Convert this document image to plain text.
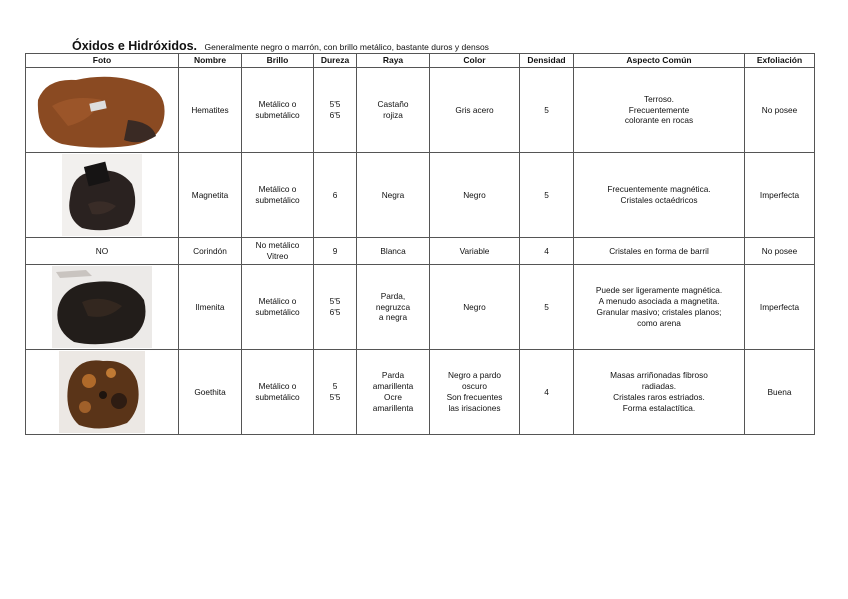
Óxidos e Hidróxidos. Generalmente negro o marrón, con brillo metálico, bastante duros y densos
Foto	Nombre	Brillo	Dureza	Raya	Color	Densidad	Aspecto Común	Exfoliación

	Hematites	Metálico o
submetálico	5'5
6'5	Castaño
rojiza	Gris acero	5	Terroso.
Frecuentemente
colorante en rocas	No posee

	Magnetita	Metálico o
submetálico	6	Negra	Negro	5	Frecuentemente magnética.
Cristales octaédricos	Imperfecta
NO	Corindón	No metálico
Vitreo	9	Blanca	Variable	4	Cristales en forma de barril	No posee

	Ilmenita	Metálico o
submetálico	5'5
6'5	Parda,
negruzca
a negra	Negro	5	Puede ser ligeramente magnética.
A menudo asociada a magnetita.
Granular masivo; cristales planos;
como arena	Imperfecta

	Goethita	Metálico o
submetálico	5
5'5	Parda
amarillenta
Ocre
amarillenta	Negro a pardo
oscuro
Son frecuentes
las irisaciones	4	Masas arriñonadas fibroso
radiadas.
Cristales raros estriados.
Forma estalactítica.	Buena
